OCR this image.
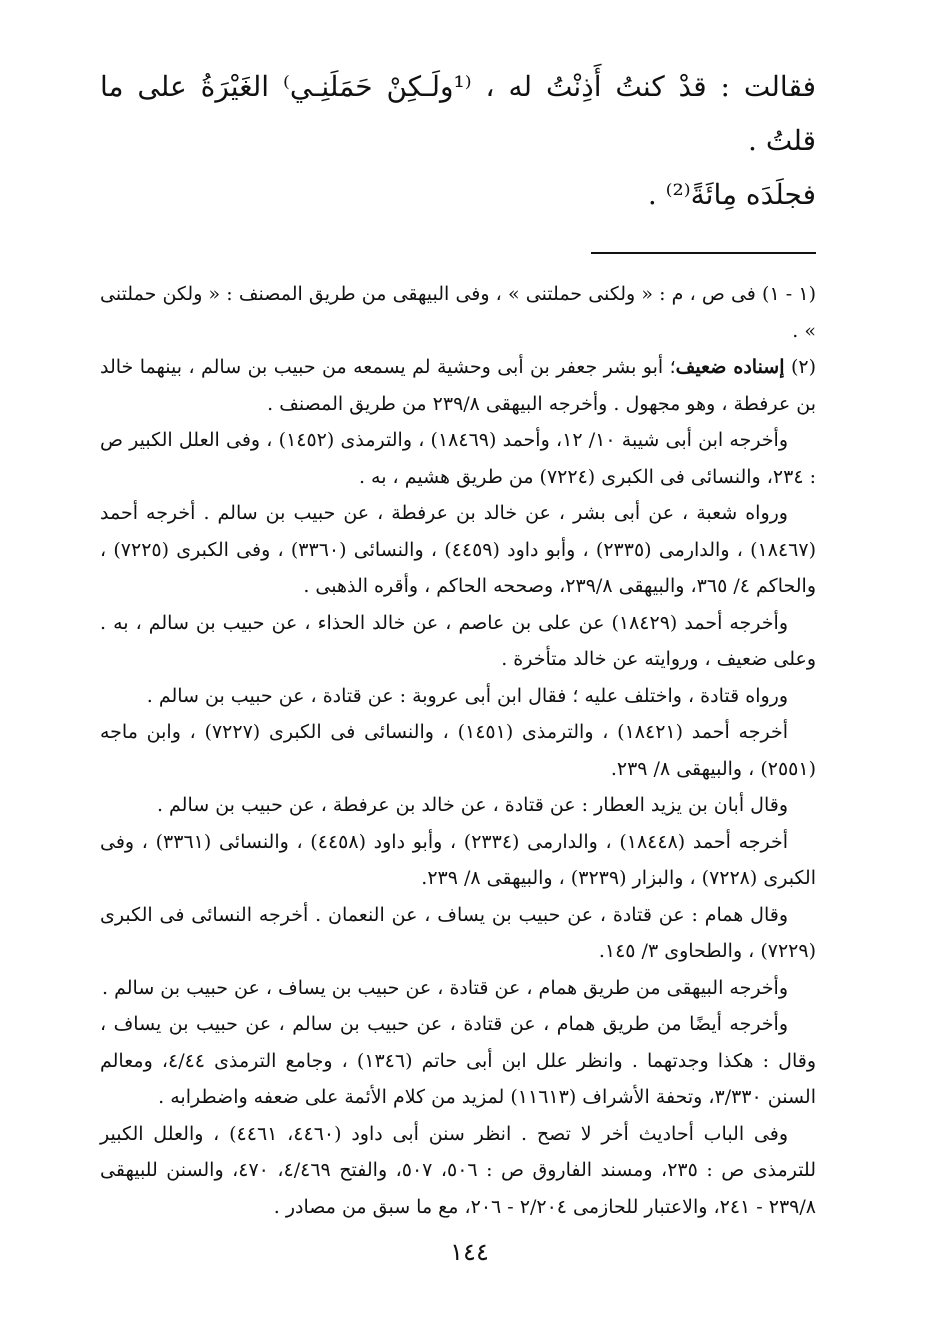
فقالت : قدْ كنتُ أَذِنْتُ له ، ⁽¹ولَـكِنْ حَمَلَنِـي⁾ الغَيْرَةُ على ما قلتُ .

فجلَدَه مِائَةً⁽²⁾ .

(١ - ١) فى ص ، م : « ولكنى حملتنى » ، وفى البيهقى من طريق المصنف : « ولكن حملتنى » .

(٢) إسناده ضعيف؛ أبو بشر جعفر بن أبى وحشية لم يسمعه من حبيب بن سالم ، بينهما خالد بن عرفطة ، وهو مجهول . وأخرجه البيهقى ٢٣٩/٨ من طريق المصنف .

وأخرجه ابن أبى شيبة ١٠/ ١٢، وأحمد (١٨٤٦٩) ، والترمذى (١٤٥٢) ، وفى العلل الكبير ص : ٢٣٤، والنسائى فى الكبرى (٧٢٢٤) من طريق هشيم ، به .

ورواه شعبة ، عن أبى بشر ، عن خالد بن عرفطة ، عن حبيب بن سالم . أخرجه أحمد (١٨٤٦٧) ، والدارمى (٢٣٣٥) ، وأبو داود (٤٤٥٩) ، والنسائى (٣٣٦٠) ، وفى الكبرى (٧٢٢٥) ، والحاكم ٤/ ٣٦٥، والبيهقى ٢٣٩/٨، وصححه الحاكم ، وأقره الذهبى .

وأخرجه أحمد (١٨٤٢٩) عن على بن عاصم ، عن خالد الحذاء ، عن حبيب بن سالم ، به . وعلى ضعيف ، وروايته عن خالد متأخرة .

ورواه قتادة ، واختلف عليه ؛ فقال ابن أبى عروبة : عن قتادة ، عن حبيب بن سالم .

أخرجه أحمد (١٨٤٢١) ، والترمذى (١٤٥١) ، والنسائى فى الكبرى (٧٢٢٧) ، وابن ماجه (٢٥٥١) ، والبيهقى ٨/ ٢٣٩.

وقال أبان بن يزيد العطار : عن قتادة ، عن خالد بن عرفطة ، عن حبيب بن سالم .

أخرجه أحمد (١٨٤٤٨) ، والدارمى (٢٣٣٤) ، وأبو داود (٤٤٥٨) ، والنسائى (٣٣٦١) ، وفى الكبرى (٧٢٢٨) ، والبزار (٣٢٣٩) ، والبيهقى ٨/ ٢٣٩.

وقال همام : عن قتادة ، عن حبيب بن يساف ، عن النعمان . أخرجه النسائى فى الكبرى (٧٢٢٩) ، والطحاوى ٣/ ١٤٥.

وأخرجه البيهقى من طريق همام ، عن قتادة ، عن حبيب بن يساف ، عن حبيب بن سالم .

وأخرجه أيضًا من طريق همام ، عن قتادة ، عن حبيب بن سالم ، عن حبيب بن يساف ، وقال : هكذا وجدتهما . وانظر علل ابن أبى حاتم (١٣٤٦) ، وجامع الترمذى ٤/٤٤، ومعالم السنن ٣/٣٣٠، وتحفة الأشراف (١١٦١٣) لمزيد من كلام الأئمة على ضعفه واضطرابه .

وفى الباب أحاديث أخر لا تصح . انظر سنن أبى داود (٤٤٦٠، ٤٤٦١) ، والعلل الكبير للترمذى ص : ٢٣٥، ومسند الفاروق ص : ٥٠٦، ٥٠٧، والفتح ٤/٤٦٩، ٤٧٠، والسنن للبيهقى ٢٣٩/٨ - ٢٤١، والاعتبار للحازمى ٢/٢٠٤ - ٢٠٦، مع ما سبق من مصادر .

١٤٤
